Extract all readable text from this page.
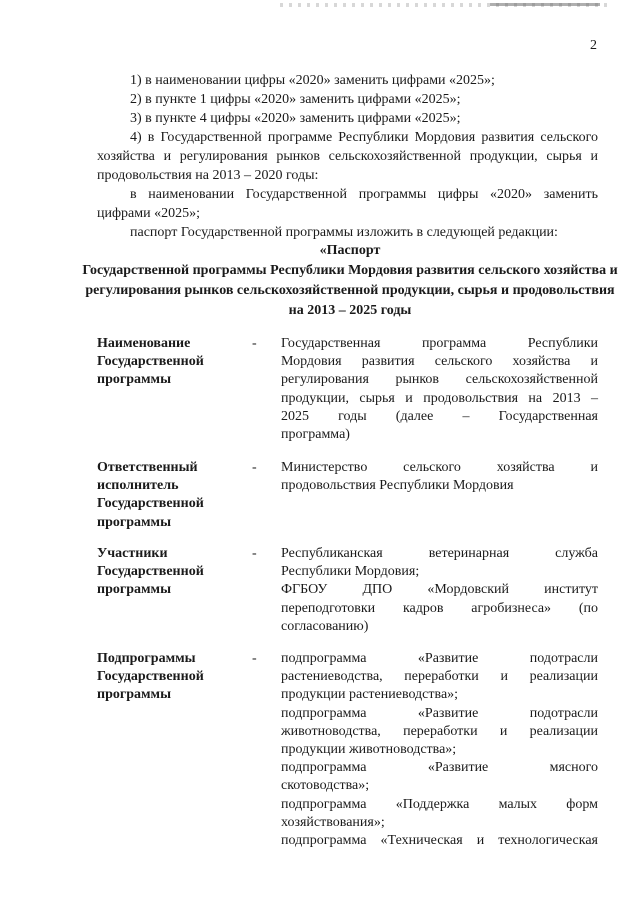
2
1) в наименовании цифры «2020» заменить цифрами «2025»;
2) в пункте 1 цифры «2020» заменить цифрами «2025»;
3) в пункте 4 цифры «2020» заменить цифрами «2025»;
4) в Государственной программе Республики Мордовия развития сельского хозяйства и регулирования рынков сельскохозяйственной продукции, сырья и продовольствия на 2013 – 2020 годы:
в наименовании Государственной программы цифры «2020» заменить цифрами «2025»;
паспорт Государственной программы изложить в следующей редакции:
«Паспорт
Государственной программы Республики Мордовия развития сельского хозяйства и регулирования рынков сельскохозяйственной продукции, сырья и продовольствия на 2013 – 2025 годы
Наименование Государственной программы
- Государственная программа Республики
Мордовия развития сельского хозяйства и
регулирования рынков сельскохозяйственной
продукции, сырья и продовольствия на 2013 –
2025 годы (далее – Государственная
программа)
Ответственный исполнитель Государственной программы
- Министерство сельского хозяйства и
продовольствия Республики Мордовия
Участники Государственной программы
- Республиканская ветеринарная служба
Республики Мордовия;
ФГБОУ ДПО «Мордовский институт
переподготовки кадров агробизнеса» (по
согласованию)
Подпрограммы Государственной программы
- подпрограмма «Развитие подотрасли
растениеводства, переработки и реализации
продукции растениеводства»;
подпрограмма «Развитие подотрасли
животноводства, переработки и реализации
продукции животноводства»;
подпрограмма «Развитие мясного
скотоводства»;
подпрограмма «Поддержка малых форм
хозяйствования»;
подпрограмма «Техническая и технологическая
